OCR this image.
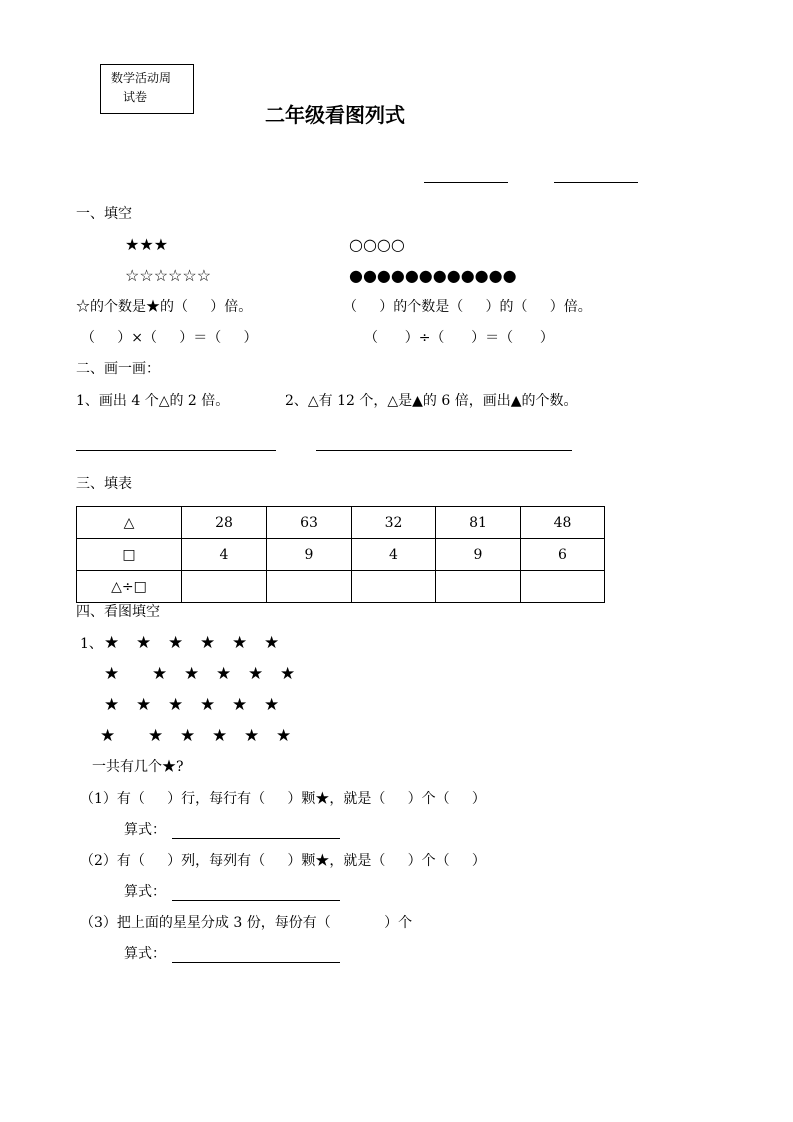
数学活动周
试卷
二年级看图列式
一、填空
★★★	○○○○
☆☆☆☆☆☆	●●●●●●●●●●●●
☆的个数是★的（     ）倍。	（     ）的个数是（     ）的（     ）倍。
（     ）×（     ）＝（     ）	（      ）÷（      ）＝（      ）
二、画一画：
1、画出 4 个△的 2 倍。	2、△有 12 个，△是▲的 6 倍，画出▲的个数。
三、填表
△	28	63	32	81	48
□	4	9	4	9	6
△÷□					
四、看图填空
1、 ★ ★ ★ ★ ★ ★
★ ★ ★ ★ ★ ★
★ ★ ★ ★ ★ ★
★ ★ ★ ★ ★ ★
一共有几个★?
（1）有（     ）行，每行有（     ）颗★，就是（     ）个（     ）
算式：
（2）有（     ）列，每列有（     ）颗★，就是（     ）个（     ）
算式：
（3）把上面的星星分成 3 份，每份有（            ）个
算式：
